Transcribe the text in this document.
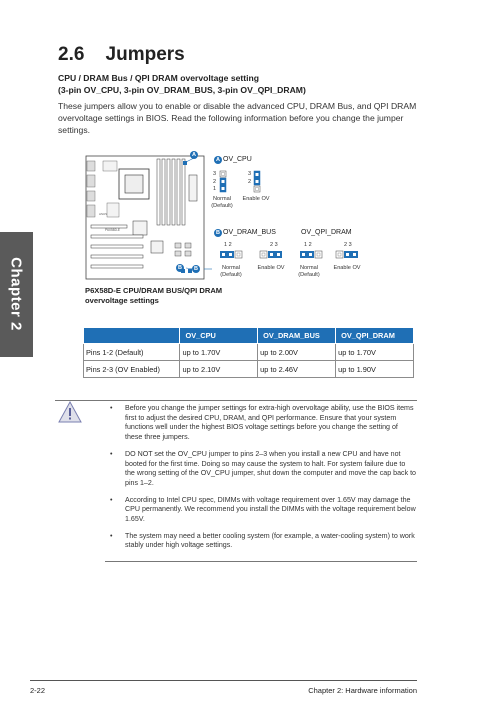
2.6 Jumpers
CPU / DRAM Bus / QPI DRAM overvoltage setting
(3-pin OV_CPU, 3-pin OV_DRAM_BUS, 3-pin OV_QPI_DRAM)
These jumpers allow you to enable or disable the advanced CPU, DRAM Bus, and QPI DRAM overvoltage settings in BIOS. Read the following information before you change the jumper settings.
Chapter 2
ASUS
P6X58D-E
A
B	B
A OV_CPU
3
2
1
3
2
Normal
(Default)
Enable OV
B OV_DRAM_BUS	OV_QPI_DRAM
1 2	2 3	1 2	2 3
Normal
(Default)
Enable OV	Normal
(Default)
Enable OV
P6X58D-E CPU/DRAM BUS/QPI DRAM
overvoltage settings
	OV_CPU	OV_DRAM_BUS	OV_QPI_DRAM
Pins 1-2 (Default)	up to 1.70V	up to 2.00V	up to 1.70V
Pins 2-3 (OV Enabled)	up to 2.10V	up to 2.46V	up to 1.90V
• Before you change the jumper settings for extra-high overvoltage ability, use the BIOS items first to adjust the desired CPU, DRAM, and QPI performance. Ensure that your system functions well under the highest BIOS voltage settings before you change the setting of these three jumpers.
• DO NOT set the OV_CPU jumper to pins 2–3 when you install a new CPU and have not booted for the first time. Doing so may cause the system to halt. For system failure due to the wrong setting of the OV_CPU jumper, shut down the computer and move the cap back to pins 1–2.
• According to Intel CPU spec, DIMMs with voltage requirement over 1.65V may damage the CPU permanently. We recommend you install the DIMMs with the voltage requirement below 1.65V.
• The system may need a better cooling system (for example, a water-cooling system) to work stably under high voltage settings.
2-22	Chapter 2: Hardware information
